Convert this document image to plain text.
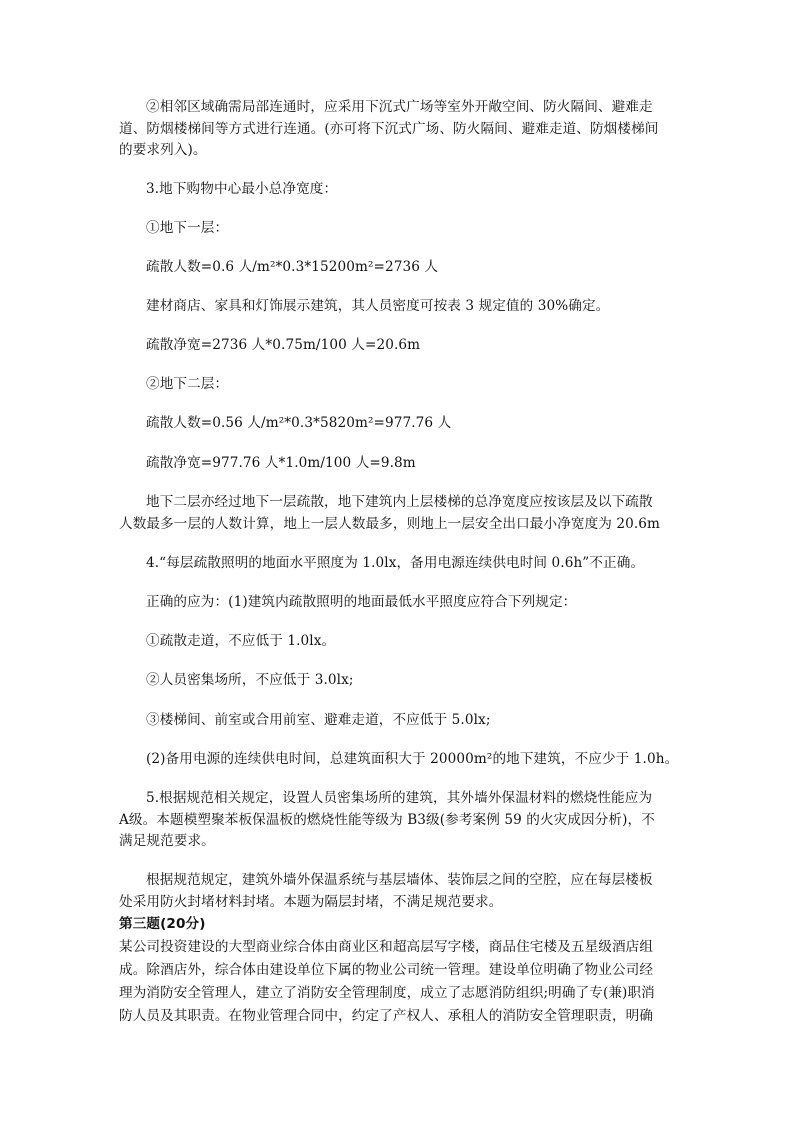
②相邻区域确需局部连通时，应采用下沉式广场等室外开敞空间、防火隔间、避难走
道、防烟楼梯间等方式进行连通。(亦可将下沉式广场、防火隔间、避难走道、防烟楼梯间
的要求列入)。
3.地下购物中心最小总净宽度：
①地下一层：
疏散人数=0.6 人/m²*0.3*15200m²=2736 人
建材商店、家具和灯饰展示建筑，其人员密度可按表 3 规定值的 30%确定。
疏散净宽=2736 人*0.75m/100 人=20.6m
②地下二层：
疏散人数=0.56 人/m²*0.3*5820m²=977.76 人
疏散净宽=977.76 人*1.0m/100 人=9.8m
地下二层亦经过地下一层疏散，地下建筑内上层楼梯的总净宽度应按该层及以下疏散
人数最多一层的人数计算，地上一层人数最多，则地上一层安全出口最小净宽度为 20.6m
4.“每层疏散照明的地面水平照度为 1.0lx，备用电源连续供电时间 0.6h”不正确。
正确的应为：(1)建筑内疏散照明的地面最低水平照度应符合下列规定：
①疏散走道，不应低于 1.0lx。
②人员密集场所，不应低于 3.0lx;
③楼梯间、前室或合用前室、避难走道，不应低于 5.0lx;
(2)备用电源的连续供电时间，总建筑面积大于 20000m²的地下建筑，不应少于 1.0h。
5.根据规范相关规定，设置人员密集场所的建筑，其外墙外保温材料的燃烧性能应为
A级。本题模塑聚苯板保温板的燃烧性能等级为 B3级(参考案例 59 的火灾成因分析)，不
满足规范要求。
根据规范规定，建筑外墙外保温系统与基层墙体、装饰层之间的空腔，应在每层楼板
处采用防火封堵材料封堵。本题为隔层封堵，不满足规范要求。
第三题(20分)
某公司投资建设的大型商业综合体由商业区和超高层写字楼，商品住宅楼及五星级酒店组
成。除酒店外，综合体由建设单位下属的物业公司统一管理。建设单位明确了物业公司经
理为消防安全管理人，建立了消防安全管理制度，成立了志愿消防组织;明确了专(兼)职消
防人员及其职责。在物业管理合同中，约定了产权人、承租人的消防安全管理职责，明确
